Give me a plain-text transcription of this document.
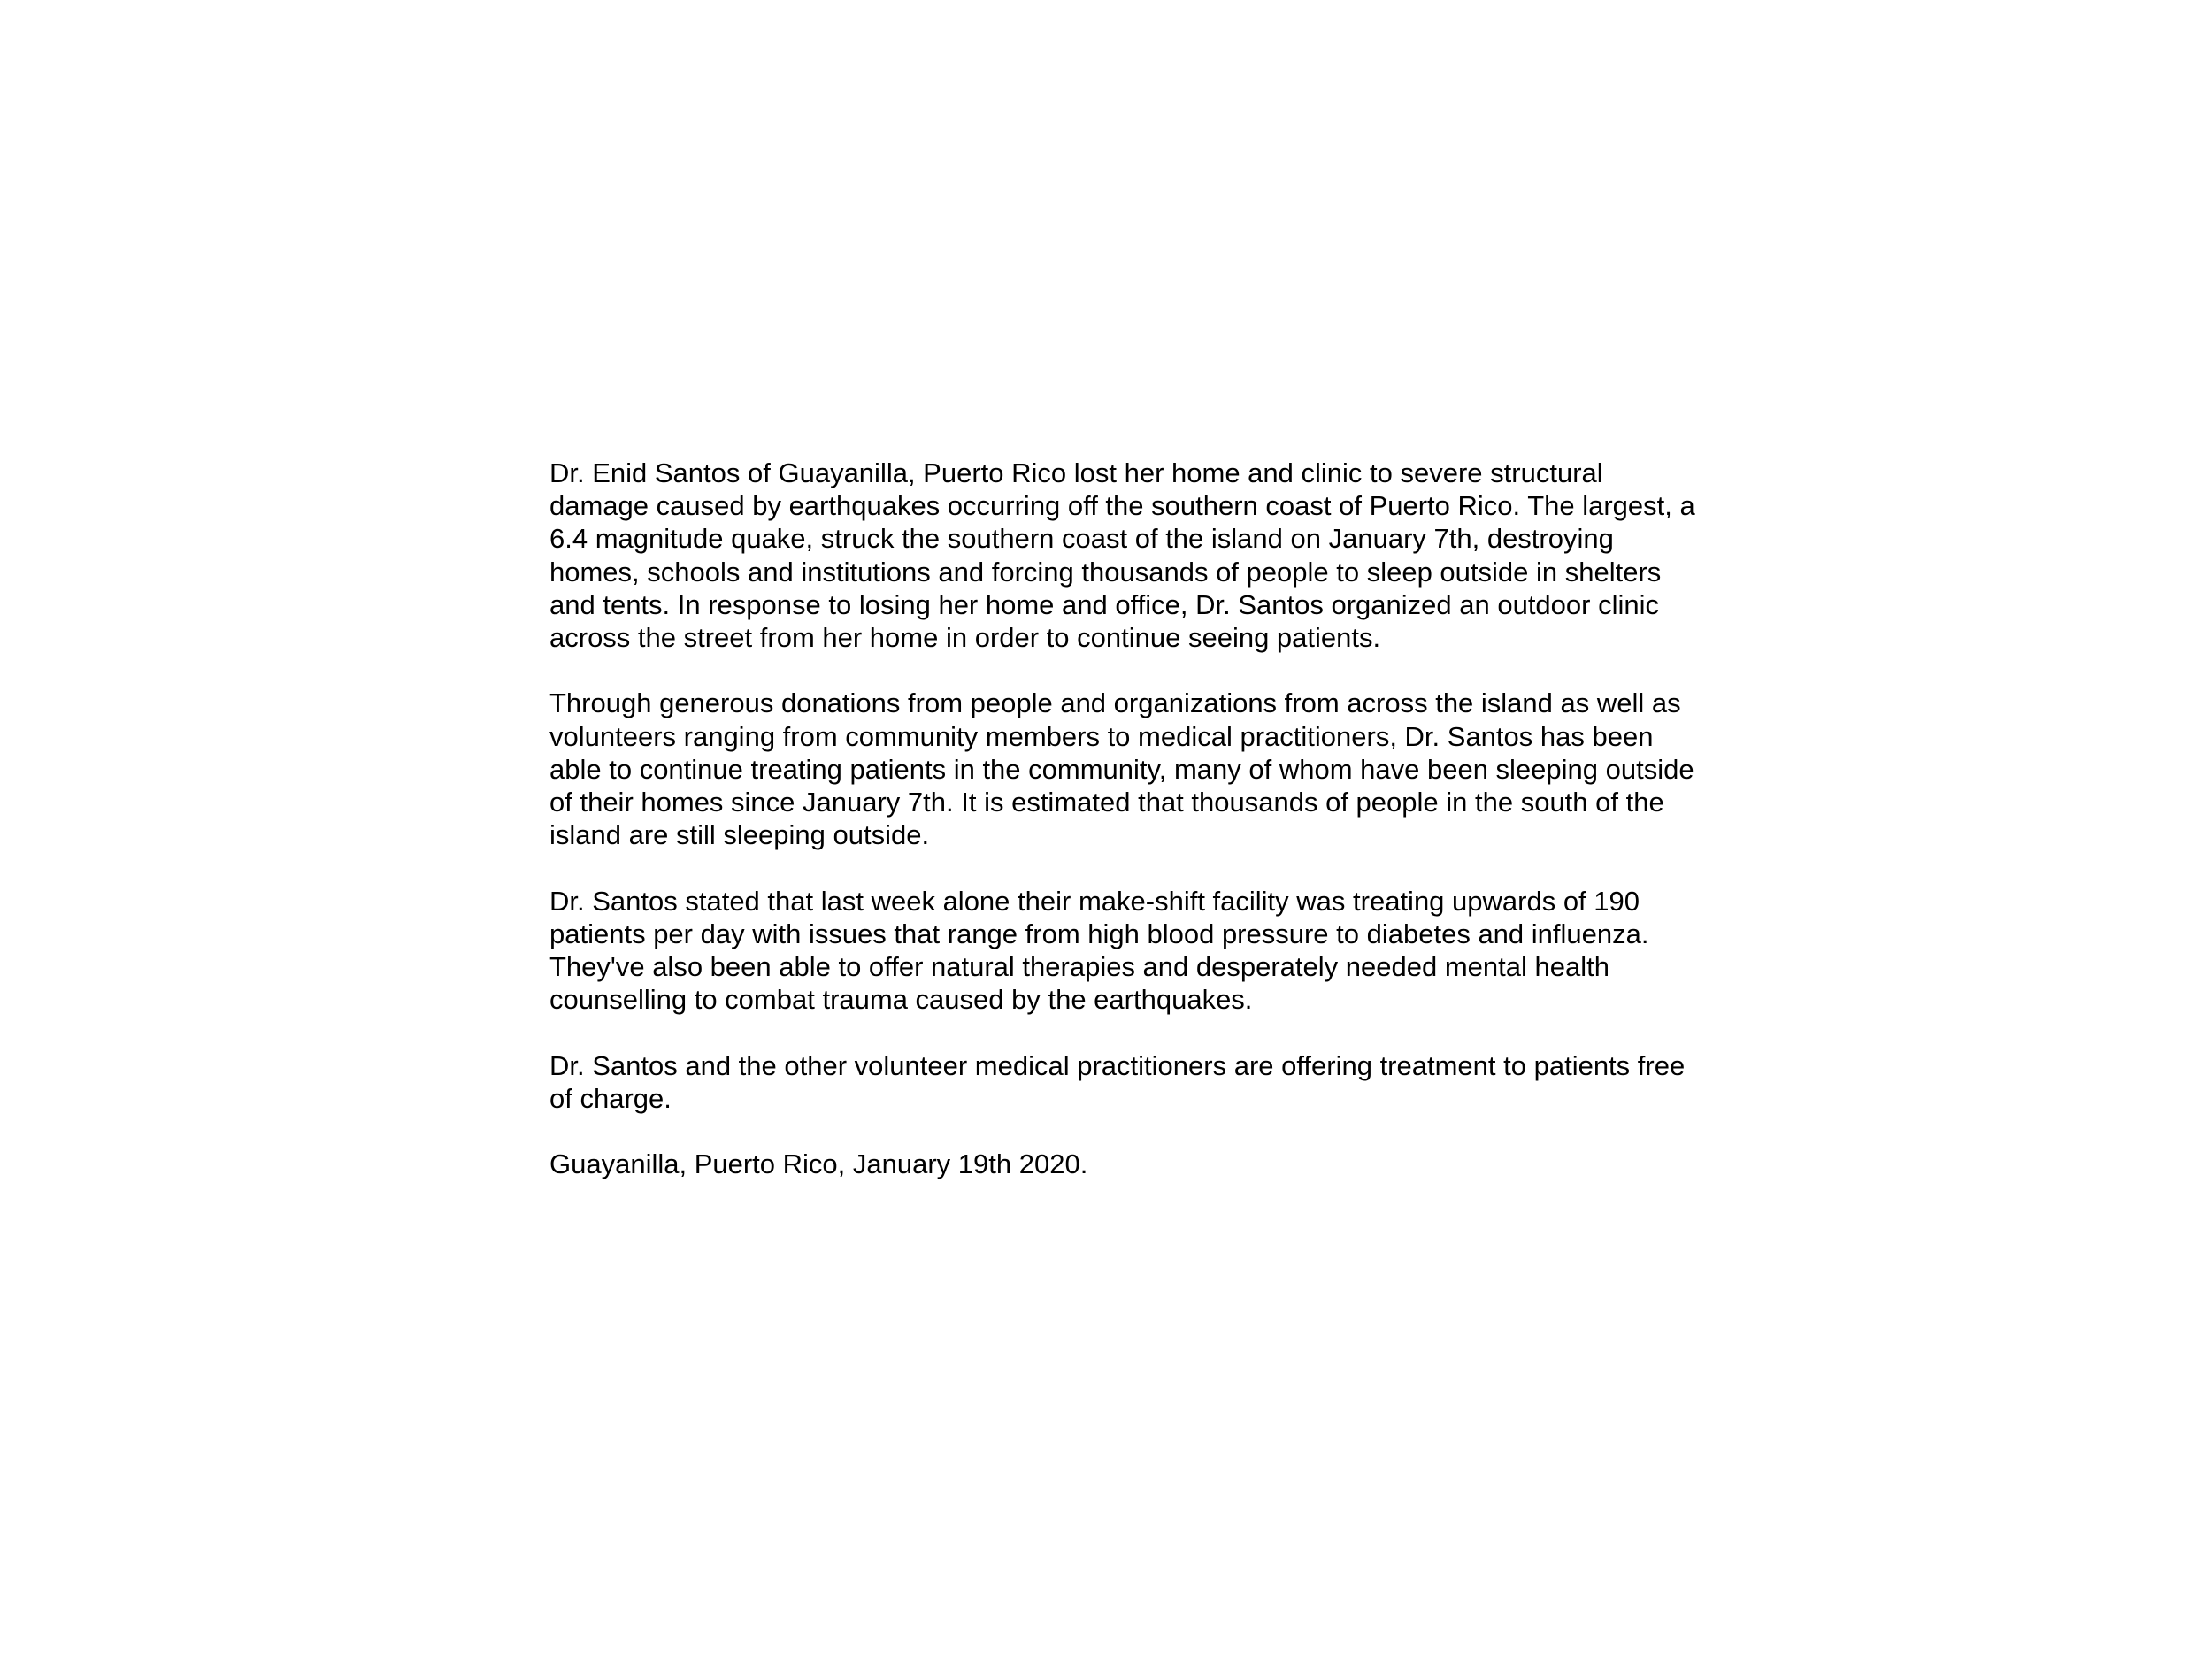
Dr. Enid Santos of Guayanilla, Puerto Rico lost her home and clinic to severe structural damage caused by earthquakes occurring off the southern coast of Puerto Rico. The largest, a 6.4 magnitude quake, struck the southern coast of the island on January 7th, destroying homes, schools and institutions and forcing thousands of people to sleep outside in shelters and tents. In response to losing her home and office, Dr. Santos organized an outdoor clinic across the street from her home in order to continue seeing patients.

Through generous donations from people and organizations from across the island as well as volunteers ranging from community members to medical practitioners, Dr. Santos has been able to continue treating patients in the community, many of whom have been sleeping outside of their homes since January 7th. It is estimated that thousands of people in the south of the island are still sleeping outside.

Dr. Santos stated that last week alone their make-shift facility was treating upwards of 190 patients per day with issues that range from high blood pressure to diabetes and influenza. They've also been able to offer natural therapies and desperately needed mental health counselling to combat trauma caused by the earthquakes.

Dr. Santos and the other volunteer medical practitioners are offering treatment to patients free of charge.

Guayanilla, Puerto Rico, January 19th 2020.
